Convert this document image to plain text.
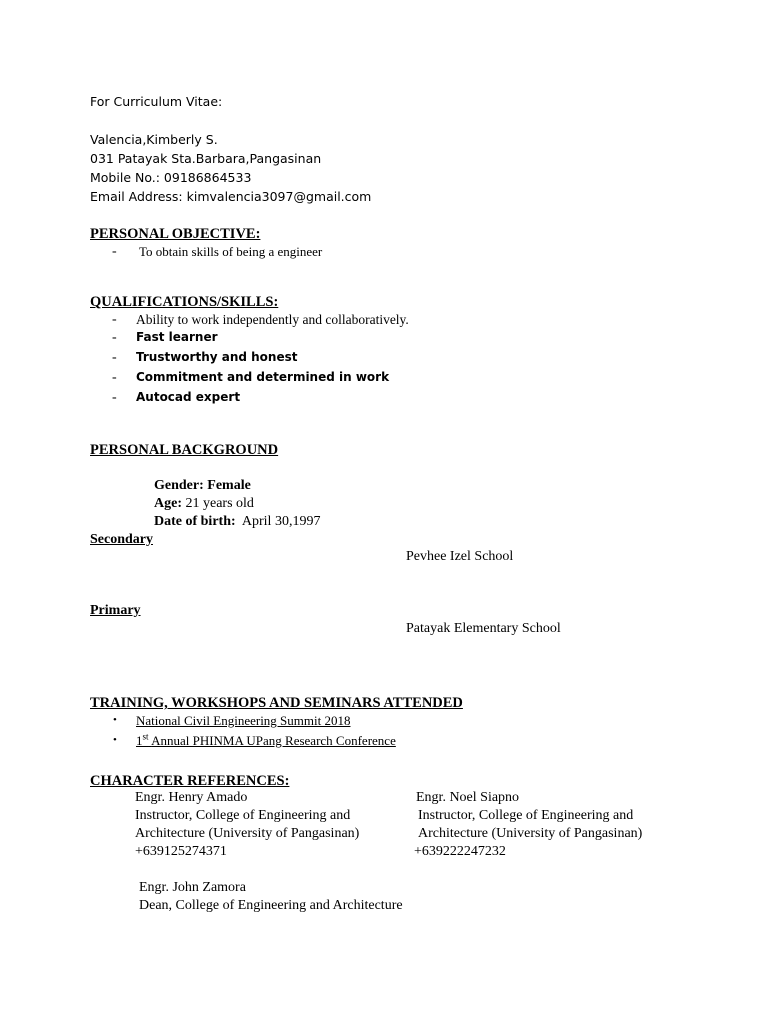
For Curriculum Vitae:
Valencia,Kimberly S.
031 Patayak Sta.Barbara,Pangasinan
Mobile No.: 09186864533
Email Address: kimvalencia3097@gmail.com
PERSONAL OBJECTIVE:
- To obtain skills of being a engineer
QUALIFICATIONS/SKILLS:
- Ability to work independently and collaboratively.
- Fast learner
- Trustworthy and honest
- Commitment and determined in work
- Autocad expert
PERSONAL BACKGROUND
Gender: Female
Age: 21 years old
Date of birth: April 30,1997
Secondary
Pevhee Izel School
Primary
Patayak Elementary School
TRAINING, WORKSHOPS AND SEMINARS ATTENDED
• National Civil Engineering Summit 2018
• 1st Annual PHINMA UPang Research Conference
CHARACTER REFERENCES:
Engr. Henry Amado
Instructor, College of Engineering and
Architecture (University of Pangasinan)
+639125274371
Engr. Noel Siapno
Instructor, College of Engineering and
Architecture (University of Pangasinan)
+639222247232
Engr. John Zamora
Dean, College of Engineering and Architecture
